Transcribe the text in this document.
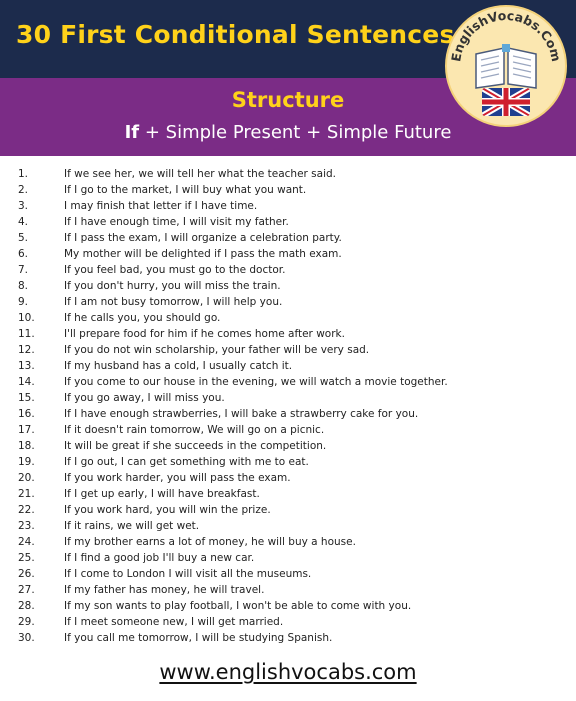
30 First Conditional Sentences
Structure
If + Simple Present + Simple Future
EnglishVocabs.Com
1.	If we see her, we will tell her what the teacher said.
2.	If I go to the market, I will buy what you want.
3.	I may finish that letter if I have time.
4.	If I have enough time, I will visit my father.
5.	If I pass the exam, I will organize a celebration party.
6.	My mother will be delighted if I pass the math exam.
7.	If you feel bad, you must go to the doctor.
8.	If you don't hurry, you will miss the train.
9.	If I am not busy tomorrow, I will help you.
10.	If he calls you, you should go.
11.	I'll prepare food for him if he comes home after work.
12.	If you do not win scholarship, your father will be very sad.
13.	If my husband has a cold, I usually catch it.
14.	If you come to our house in the evening, we will watch a movie together.
15.	If you go away, I will miss you.
16.	If I have enough strawberries, I will bake a strawberry cake for you.
17.	If it doesn't rain tomorrow, We will go on a picnic.
18.	It will be great if she succeeds in the competition.
19.	If I go out, I can get something with me to eat.
20.	If you work harder, you will pass the exam.
21.	If I get up early, I will have breakfast.
22.	If you work hard, you will win the prize.
23.	If it rains, we will get wet.
24.	If my brother earns a lot of money, he will buy a house.
25.	If I find a good job I'll buy a new car.
26.	If I come to London I will visit all the museums.
27.	If my father has money, he will travel.
28.	If my son wants to play football, I won't be able to come with you.
29.	If I meet someone new, I will get married.
30.	If you call me tomorrow, I will be studying Spanish.
www.englishvocabs.com
